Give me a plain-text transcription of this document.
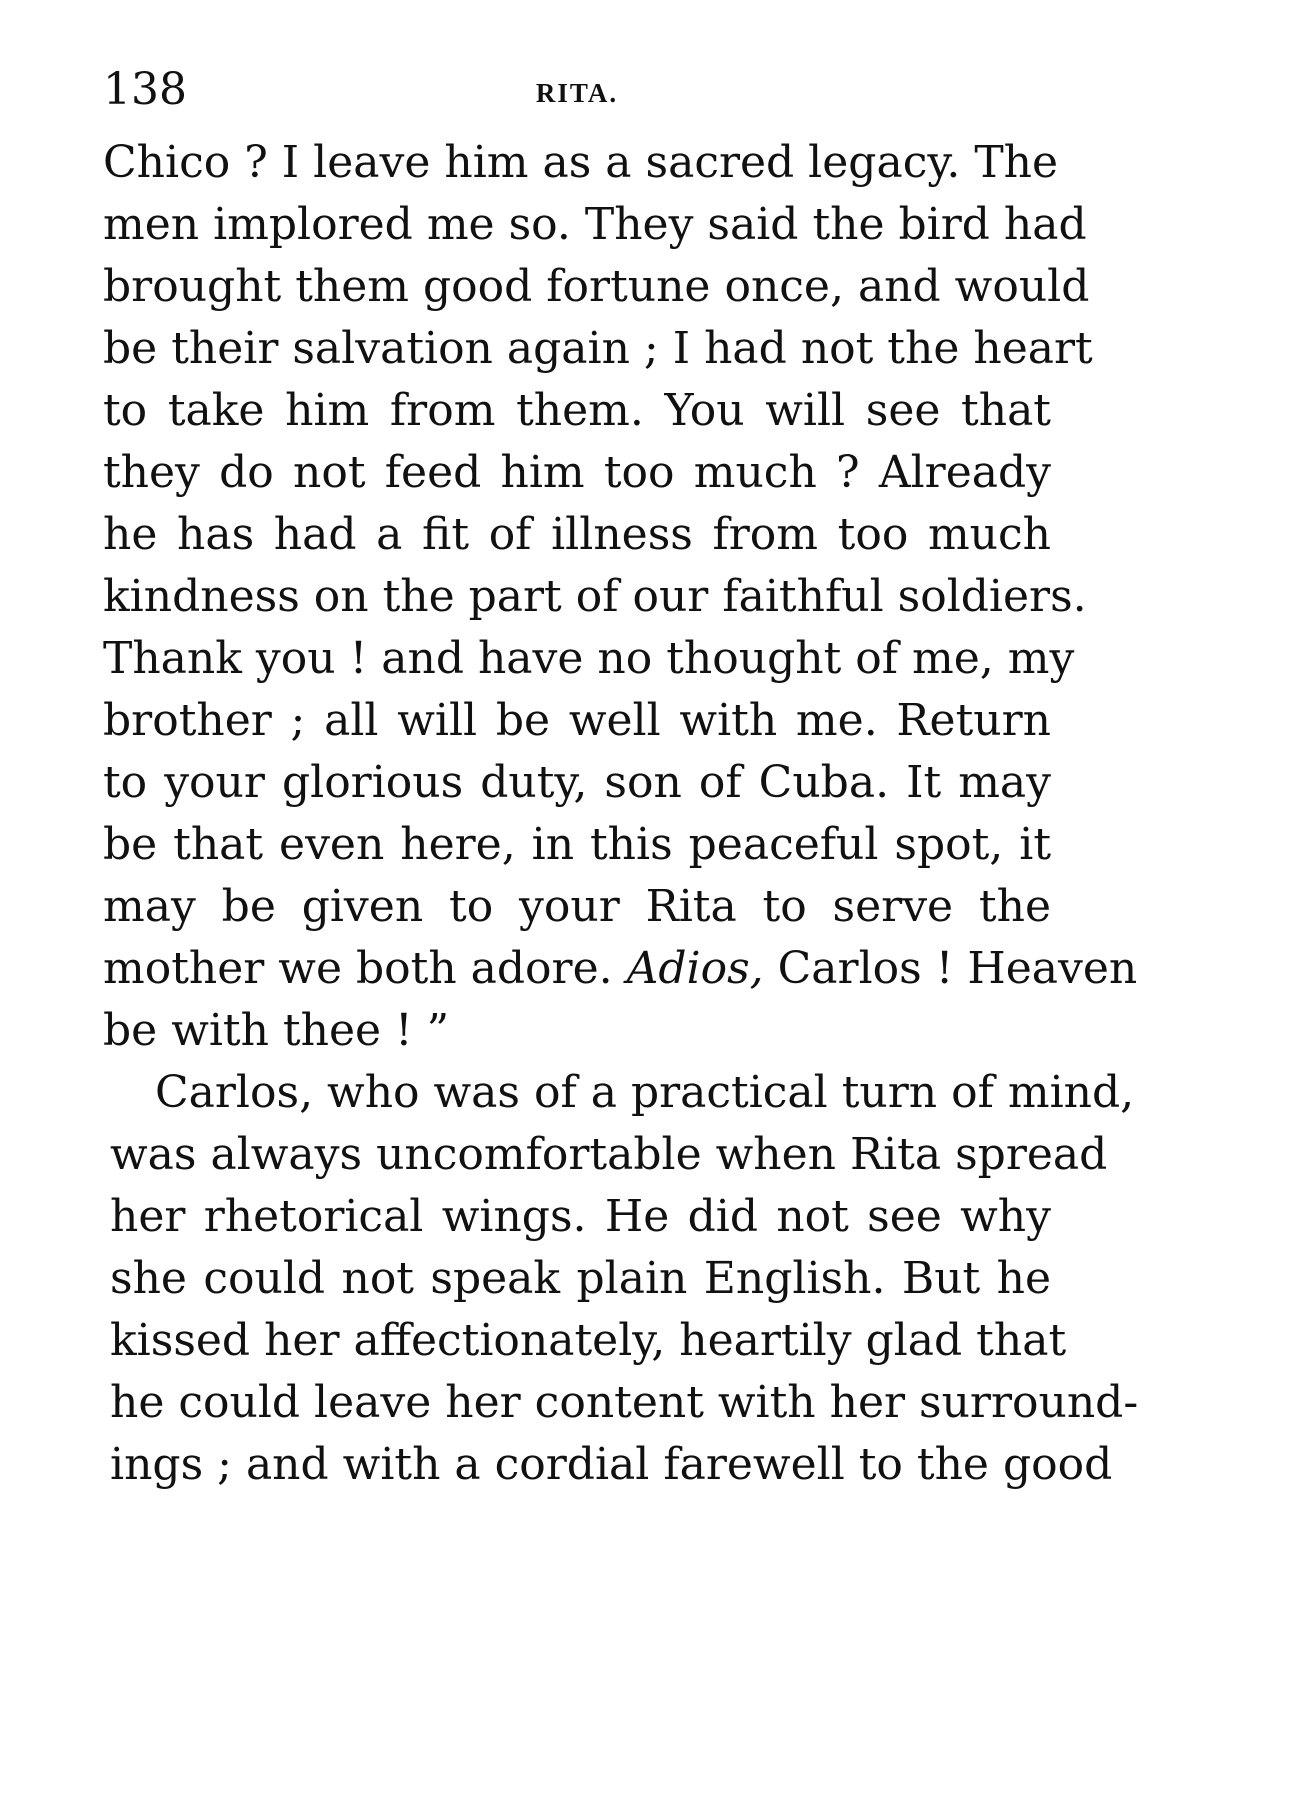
138	RITA.
Chico ? I leave him as a sacred legacy. The
men implored me so. They said the bird had
brought them good fortune once, and would
be their salvation again ; I had not the heart
to take him from them. You will see that
they do not feed him too much ? Already
he has had a fit of illness from too much
kindness on the part of our faithful soldiers.
Thank you ! and have no thought of me, my
brother ; all will be well with me. Return
to your glorious duty, son of Cuba. It may
be that even here, in this peaceful spot, it
may be given to your Rita to serve the
mother we both adore. Adios, Carlos ! Heaven
be with thee ! ”
Carlos, who was of a practical turn of mind,
was always uncomfortable when Rita spread
her rhetorical wings. He did not see why
she could not speak plain English. But he
kissed her affectionately, heartily glad that
he could leave her content with her surround-
ings ; and with a cordial farewell to the good
